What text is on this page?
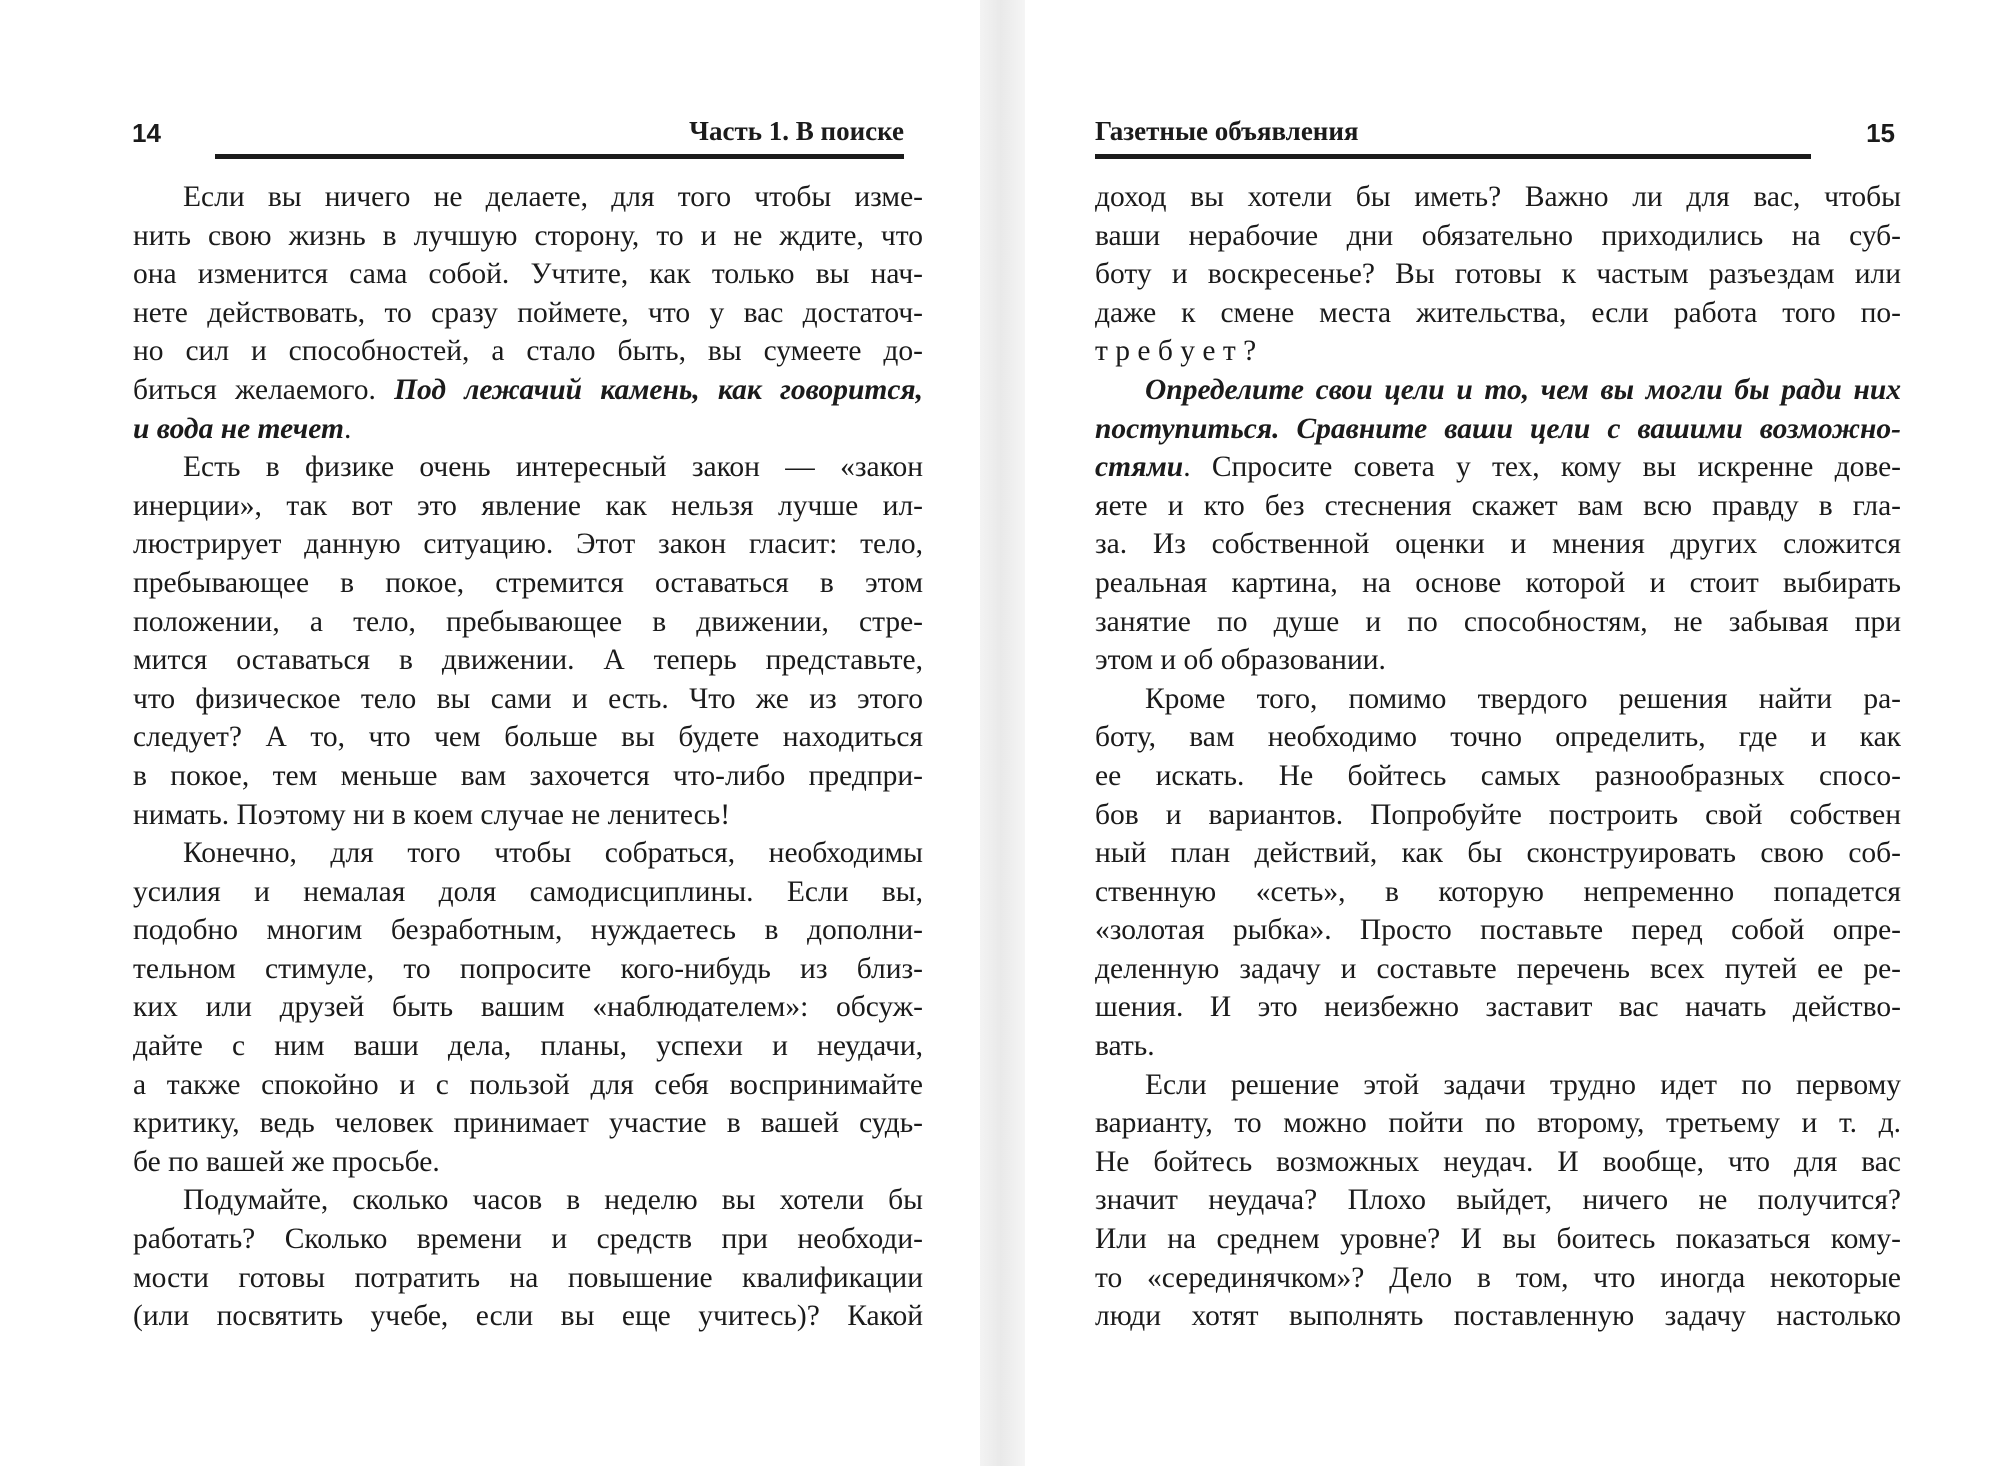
14	Часть 1. В поиске
Если вы ничего не делаете, для того чтобы изме-
нить свою жизнь в лучшую сторону, то и не ждите, что
она изменится сама собой. Учтите, как только вы нач-
нете действовать, то сразу поймете, что у вас достаточ-
но сил и способностей, а стало быть, вы сумеете до-
биться желаемого. Под лежачий камень, как говорится,
и вода не течет.
Есть в физике очень интересный закон — «закон
инерции», так вот это явление как нельзя лучше ил-
люстрирует данную ситуацию. Этот закон гласит: тело,
пребывающее в покое, стремится оставаться в этом
положении, а тело, пребывающее в движении, стре-
мится оставаться в движении. А теперь представьте,
что физическое тело вы сами и есть. Что же из этого
следует? А то, что чем больше вы будете находиться
в покое, тем меньше вам захочется что-либо предпри-
нимать. Поэтому ни в коем случае не ленитесь!
Конечно, для того чтобы собраться, необходимы
усилия и немалая доля самодисциплины. Если вы,
подобно многим безработным, нуждаетесь в дополни-
тельном стимуле, то попросите кого-нибудь из близ-
ких или друзей быть вашим «наблюдателем»: обсуж-
дайте с ним ваши дела, планы, успехи и неудачи,
а также спокойно и с пользой для себя воспринимайте
критику, ведь человек принимает участие в вашей судь-
бе по вашей же просьбе.
Подумайте, сколько часов в неделю вы хотели бы
работать? Сколько времени и средств при необходи-
мости готовы потратить на повышение квалификации
(или посвятить учебе, если вы еще учитесь)? Какой
Газетные объявления	15
доход вы хотели бы иметь? Важно ли для вас, чтобы
ваши нерабочие дни обязательно приходились на суб-
боту и воскресенье? Вы готовы к частым разъездам или
даже к смене места жительства, если работа того по-
т р е б у е т ?
Определите свои цели и то, чем вы могли бы ради них
поступиться. Сравните ваши цели с вашими возможно-
стями. Спросите совета у тех, кому вы искренне дове-
яете и кто без стеснения скажет вам всю правду в гла-
за. Из собственной оценки и мнения других сложится
реальная картина, на основе которой и стоит выбирать
занятие по душе и по способностям, не забывая при
этом и об образовании.
Кроме того, помимо твердого решения найти ра-
боту, вам необходимо точно определить, где и как
ее искать. Не бойтесь самых разнообразных спосо-
бов и вариантов. Попробуйте построить свой собствен
ный план действий, как бы сконструировать свою соб-
ственную «сеть», в которую непременно попадется
«золотая рыбка». Просто поставьте перед собой опре-
деленную задачу и составьте перечень всех путей ее ре-
шения. И это неизбежно заставит вас начать действо-
вать.
Если решение этой задачи трудно идет по первому
варианту, то можно пойти по второму, третьему и т. д.
Не бойтесь возможных неудач. И вообще, что для вас
значит неудача? Плохо выйдет, ничего не получится?
Или на среднем уровне? И вы боитесь показаться кому-
то «серединячком»? Дело в том, что иногда некоторые
люди хотят выполнять поставленную задачу настолько
